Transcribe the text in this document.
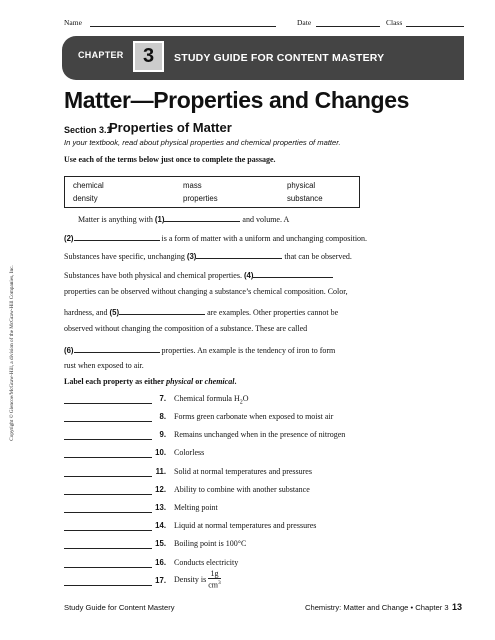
Name	Date	Class
CHAPTER 3	STUDY GUIDE FOR CONTENT MASTERY
Matter—Properties and Changes
Section 3.1
Properties of Matter
In your textbook, read about physical properties and chemical properties of matter.
Use each of the terms below just once to complete the passage.
chemical	mass	physical
density	properties	substance
Matter is anything with (1)	and volume. A
(2)	is a form of matter with a uniform and unchanging composition.
Substances have specific, unchanging (3)	that can be observed.
Substances have both physical and chemical properties. (4)
properties can be observed without changing a substance’s chemical composition. Color,
hardness, and (5)	are examples. Other properties cannot be
observed without changing the composition of a substance. These are called
(6)	properties. An example is the tendency of iron to form
rust when exposed to air.
Label each property as either physical or chemical.
7. Chemical formula $H_2O$
8. Forms green carbonate when exposed to moist air
9. Remains unchanged when in the presence of nitrogen
10. Colorless
11. Solid at normal temperatures and pressures
12. Ability to combine with another substance
13. Melting point
14. Liquid at normal temperatures and pressures
15. Boiling point is 100°C
16. Conducts electricity
17. Density is $\frac{1g}{cm^3}$
Copyright © Glencoe/McGraw-Hill, a division of the McGraw-Hill Companies, Inc.
Study Guide for Content Mastery	Chemistry: Matter and Change • Chapter 3 13
